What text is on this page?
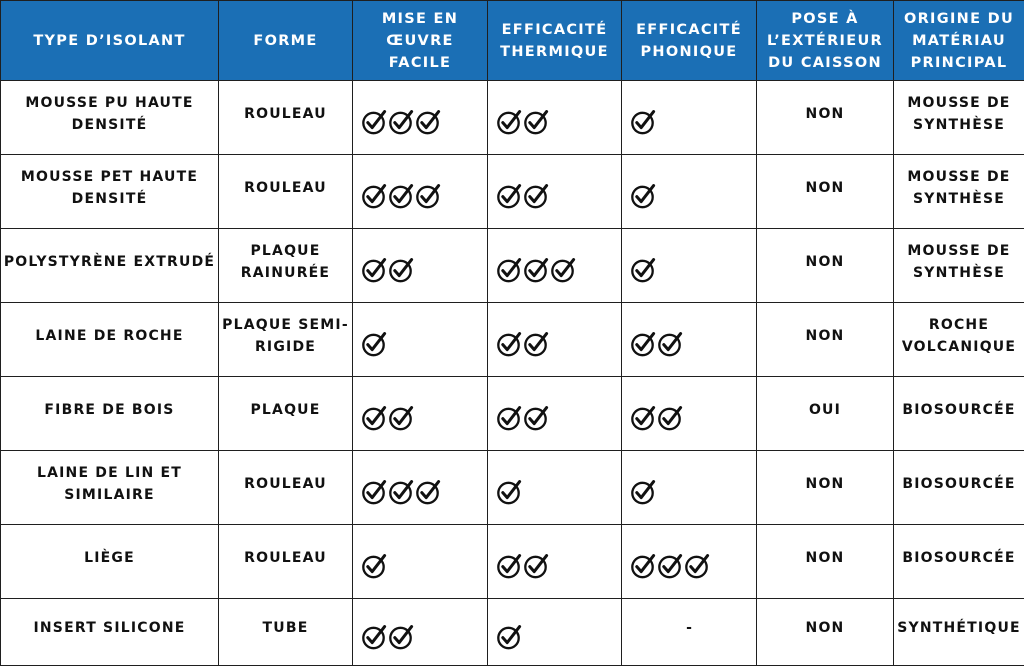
TYPE D’ISOLANT	FORME	MISE EN ŒUVRE FACILE	EFFICACITÉ THERMIQUE	EFFICACITÉ PHONIQUE	POSE À L’EXTÉRIEUR DU CAISSON	ORIGINE DU MATÉRIAU PRINCIPAL

MOUSSE PU HAUTE DENSITÉ	ROULEAU				NON	MOUSSE DE SYNTHÈSE

MOUSSE PET HAUTE DENSITÉ	ROULEAU				NON	MOUSSE DE SYNTHÈSE

POLYSTYRÈNE EXTRUDÉ	PLAQUE RAINURÉE				NON	MOUSSE DE SYNTHÈSE

LAINE DE ROCHE	PLAQUE SEMI-RIGIDE				NON	ROCHE VOLCANIQUE

FIBRE DE BOIS	PLAQUE				OUI	BIOSOURCÉE

LAINE DE LIN ET SIMILAIRE	ROULEAU				NON	BIOSOURCÉE

LIÈGE	ROULEAU				NON	BIOSOURCÉE

INSERT SILICONE	TUBE			-	NON	SYNTHÉTIQUE
